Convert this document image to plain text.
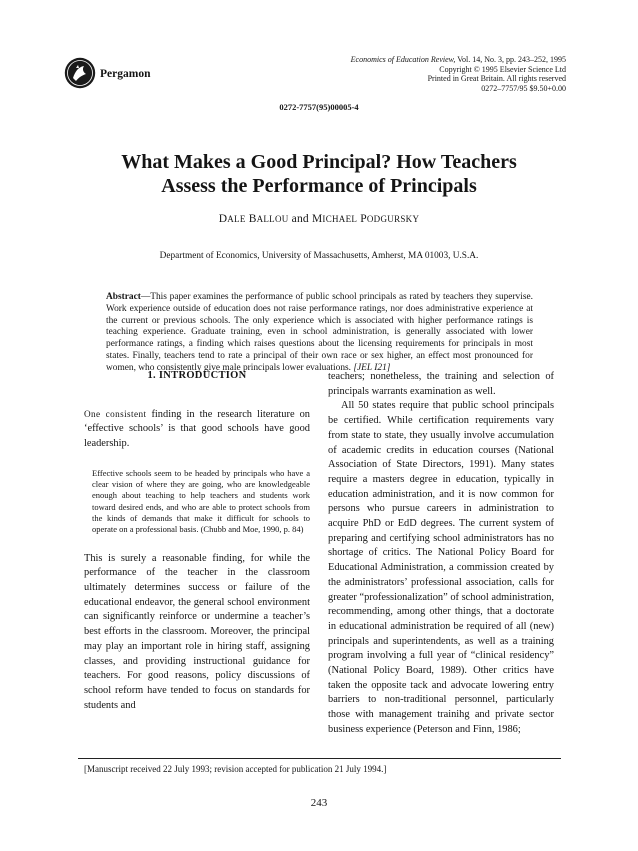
Pergamon
Economics of Education Review, Vol. 14, No. 3, pp. 243–252, 1995
Copyright © 1995 Elsevier Science Ltd
Printed in Great Britain. All rights reserved
0272–7757/95 $9.50+0.00
0272-7757(95)00005-4
What Makes a Good Principal? How Teachers
Assess the Performance of Principals
DALE BALLOU and MICHAEL PODGURSKY
Department of Economics, University of Massachusetts, Amherst, MA 01003, U.S.A.
Abstract—This paper examines the performance of public school principals as rated by teachers they supervise. Work experience outside of education does not raise performance ratings, nor does administrative experience at the current or previous schools. The only experience which is associated with higher performance ratings is teaching experience. Graduate training, even in school administration, is generally associated with lower performance ratings, a finding which raises questions about the licensing requirements for principals in most states. Finally, teachers tend to rate a principal of their own race or sex higher, an effect most pronounced for women, who consistently give male principals lower evaluations. [JEL I21]

1. INTRODUCTION

One consistent finding in the research literature on ‘effective schools’ is that good schools have good leadership.

Effective schools seem to be headed by principals who have a clear vision of where they are going, who are knowledgeable enough about teaching to help teachers and students work toward desired ends, and who are able to protect schools from the kinds of demands that make it difficult for schools to operate on a professional basis. (Chubb and Moe, 1990, p. 84)

This is surely a reasonable finding, for while the performance of the teacher in the classroom ultimately determines success or failure of the educational endeavor, the general school environment can significantly reinforce or undermine a teacher’s best efforts in the classroom. Moreover, the principal may play an important role in hiring staff, assigning classes, and providing instructional guidance for teachers. For good reasons, policy discussions of school reform have tended to focus on standards for students and

teachers; nonetheless, the training and selection of principals warrants examination as well.

All 50 states require that public school principals be certified. While certification requirements vary from state to state, they usually involve accumulation of academic credits in education courses (National Association of State Directors, 1991). Many states require a masters degree in education, typically in education administration, and it is now common for persons who pursue careers in administration to acquire PhD or EdD degrees. The current system of preparing and certifying school administrators has no shortage of critics. The National Policy Board for Educational Administration, a commission created by the administrators’ professional association, calls for greater “professionalization” of school administration, recommending, among other things, that a doctorate in educational administration be required of all (new) principals and superintendents, as well as a training program involving a full year of “clinical residency” (National Policy Board, 1989). Other critics have taken the opposite tack and advocate lowering entry barriers to non-traditional personnel, particularly those with management trainihg and private sector business experience (Peterson and Finn, 1986;

[Manuscript received 22 July 1993; revision accepted for publication 21 July 1994.]
243
